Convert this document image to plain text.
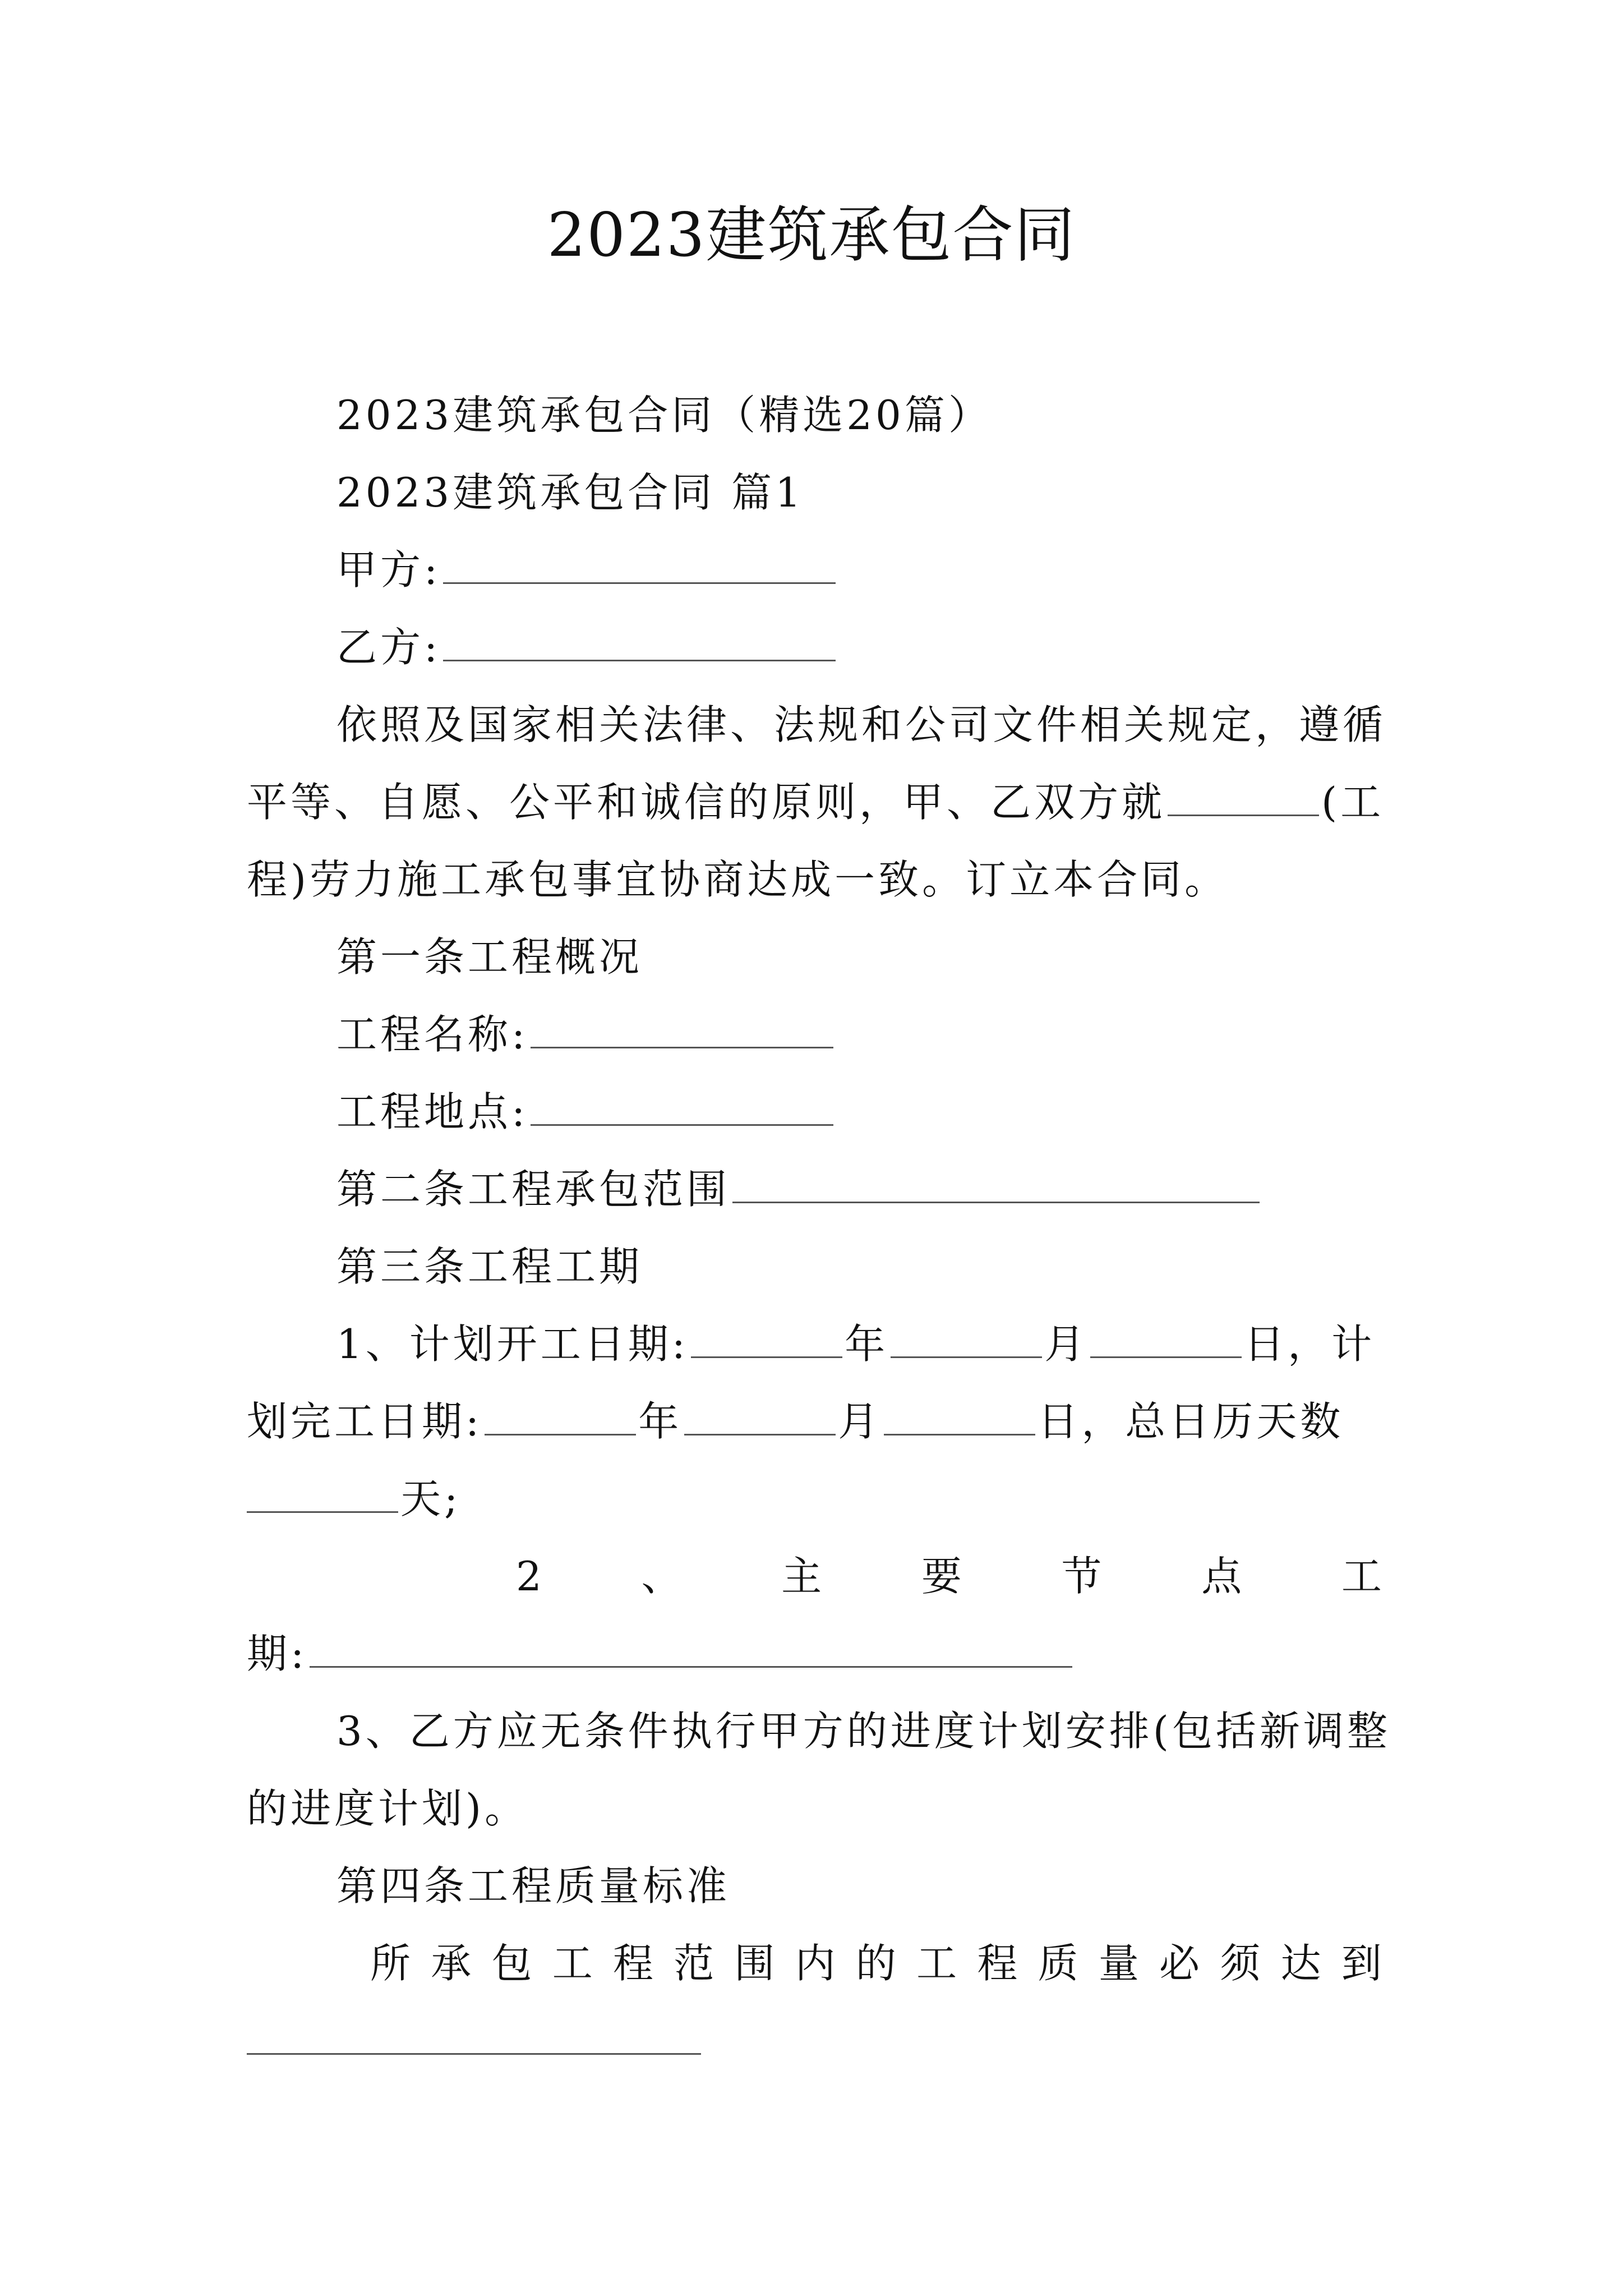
2023建筑承包合同
2023建筑承包合同（精选20篇）
2023建筑承包合同 篇1
甲方:
乙方:
依照及国家相关法律、法规和公司文件相关规定，遵循
平等、自愿、公平和诚信的原则，甲、乙双方就	(工
程)劳力施工承包事宜协商达成一致。订立本合同。
第一条工程概况
工程名称:
工程地点:
第二条工程承包范围
第三条工程工期
1、计划开工日期:	年	月	日，计
划完工日期:	年	月	日，总日历天数
天;
2 、 主 要 节 点 工
期:
3、乙方应无条件执行甲方的进度计划安排(包括新调整
的进度计划)。
第四条工程质量标准
所 承 包 工 程 范 围 内 的 工 程 质 量 必 须 达 到
